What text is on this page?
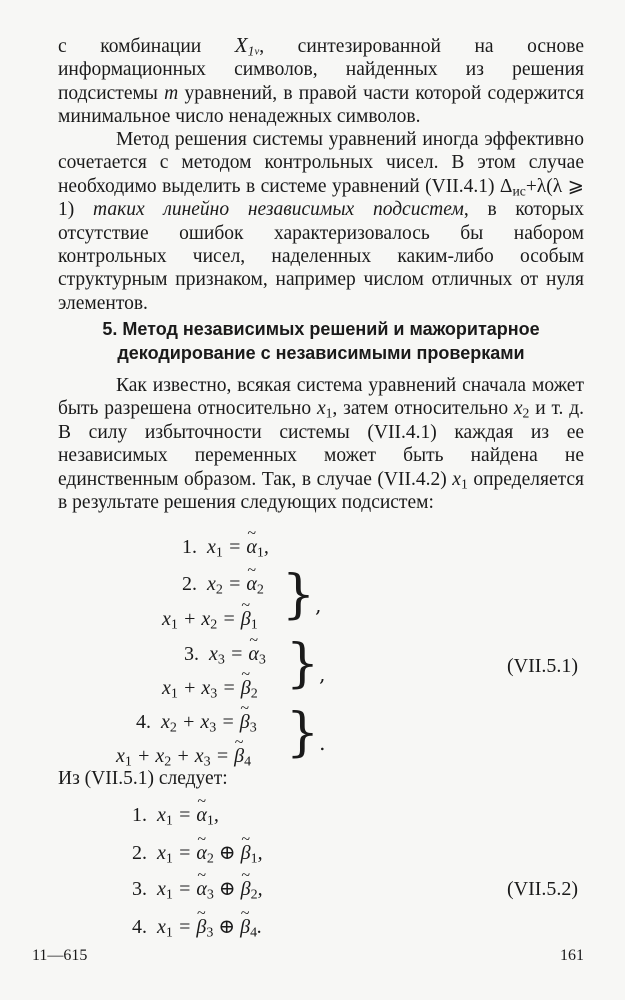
с комбинации $X_{1v}$, синтезированной на основе информационных символов, найденных из решения подсистемы m уравнений, в правой части которой содержится минимальное число ненадежных символов.

Метод решения системы уравнений иногда эффективно сочетается с методом контрольных чисел. В этом случае необходимо выделить в системе уравнений (VII.4.1) $\Delta_{ис}+\lambda(\lambda$ ⩾ 1) таких линейно независимых подсистем, в которых отсутствие ошибок характеризовалось бы набором контрольных чисел, наделенных каким-либо особым структурным признаком, например числом отличных от нуля элементов.

5. Метод независимых решений и мажоритарное декодирование с независимыми проверками

Как известно, всякая система уравнений сначала может быть разрешена относительно $x_1$, затем относительно $x_2$ и т. д. В силу избыточности системы (VII.4.1) каждая из ее независимых переменных может быть найдена не единственным образом. Так, в случае (VII.4.2) $x_1$ определяется в результате решения следующих подсистем:

1.  $x_1$ = ~ $\alpha_1$,
2.  $x_2$ = ~ $\alpha_2$
$x_1 + x_2$ = ~ $\beta_1$ },
3.  $x_3$ = ~ $\alpha_3$
$x_1 + x_3$ = ~ $\beta_2$ },
4.  $x_2 + x_3$ = ~ $\beta_3$
$x_1 + x_2 + x_3$ = ~ $\beta_4$ }.
(VII.5.1)
Из (VII.5.1) следует:
1.  $x_1$ = ~ $\alpha_1$,
2.  $x_1$ = ~ $\alpha_2$ ⊕ ~ $\beta_1$,
3.  $x_1$ = ~ $\alpha_3$ ⊕ ~ $\beta_2$,
4.  $x_1$ = ~ $\beta_3$ ⊕ ~ $\beta_4$.
(VII.5.2)
11—615	161
